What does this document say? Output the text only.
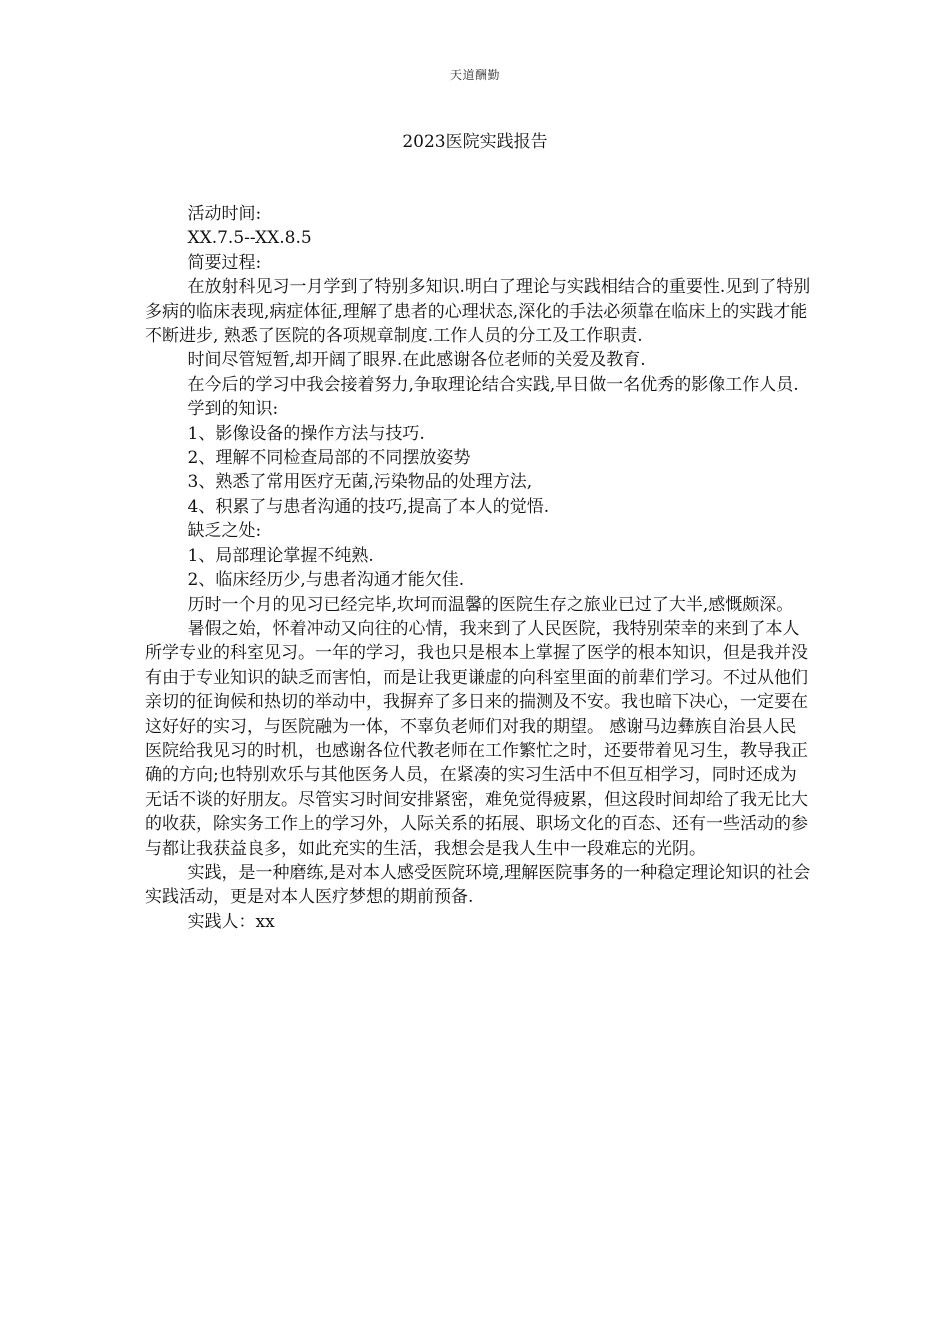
天道酬勤
2023医院实践报告

活动时间:

XX.7.5--XX.8.5

简要过程:

在放射科见习一月学到了特别多知识.明白了理论与实践相结合的重要性.见到了特别多病的临床表现,病症体征,理解了患者的心理状态,深化的手法必须靠在临床上的实践才能不断进步, 熟悉了医院的各项规章制度.工作人员的分工及工作职责.

时间尽管短暂,却开阔了眼界.在此感谢各位老师的关爱及教育.

在今后的学习中我会接着努力,争取理论结合实践,早日做一名优秀的影像工作人员.

学到的知识:

1、影像设备的操作方法与技巧.

2、理解不同检查局部的不同摆放姿势

3、熟悉了常用医疗无菌,污染物品的处理方法,

4、积累了与患者沟通的技巧,提高了本人的觉悟.

缺乏之处:

1、局部理论掌握不纯熟.

2、临床经历少,与患者沟通才能欠佳.

历时一个月的见习已经完毕,坎坷而温馨的医院生存之旅业已过了大半,感慨颇深。

暑假之始，怀着冲动又向往的心情，我来到了人民医院，我特别荣幸的来到了本人所学专业的科室见习。一年的学习，我也只是根本上掌握了医学的根本知识，但是我并没有由于专业知识的缺乏而害怕，而是让我更谦虚的向科室里面的前辈们学习。不过从他们亲切的征询候和热切的举动中，我摒弃了多日来的揣测及不安。我也暗下决心，一定要在这好好的实习，与医院融为一体，不辜负老师们对我的期望。 感谢马边彝族自治县人民医院给我见习的时机，也感谢各位代教老师在工作繁忙之时，还要带着见习生，教导我正确的方向;也特别欢乐与其他医务人员，在紧凑的实习生活中不但互相学习，同时还成为无话不谈的好朋友。尽管实习时间安排紧密，难免觉得疲累，但这段时间却给了我无比大的收获，除实务工作上的学习外，人际关系的拓展、职场文化的百态、还有一些活动的参与都让我获益良多，如此充实的生活，我想会是我人生中一段难忘的光阴。

实践，是一种磨练,是对本人感受医院环境,理解医院事务的一种稳定理论知识的社会实践活动，更是对本人医疗梦想的期前预备.

实践人：xx
